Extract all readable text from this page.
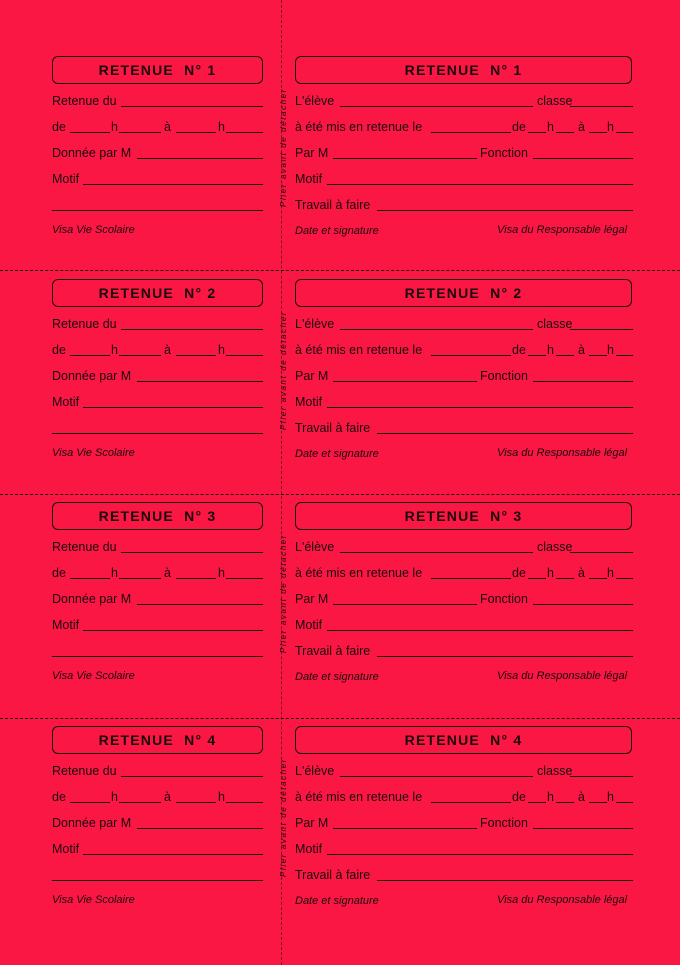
RETENUE  N° 1
Retenue du
de	h	à	h
Donnée par M
Motif
Visa Vie Scolaire
Plier avant de détacher
RETENUE  N° 1
L'élève	classe
à été mis en retenue le	de h à h
Par M	Fonction
Motif
Travail à faire
Date et signature	Visa du Responsable légal
RETENUE  N° 2
Retenue du
de	h	à	h
Donnée par M
Motif
Visa Vie Scolaire
Plier avant de détacher
RETENUE  N° 2
L'élève	classe
à été mis en retenue le	de h à h
Par M	Fonction
Motif
Travail à faire
Date et signature	Visa du Responsable légal
RETENUE  N° 3
Retenue du
de	h	à	h
Donnée par M
Motif
Visa Vie Scolaire
Plier avant de détacher
RETENUE  N° 3
L'élève	classe
à été mis en retenue le	de h à h
Par M	Fonction
Motif
Travail à faire
Date et signature	Visa du Responsable légal
RETENUE  N° 4
Retenue du
de	h	à	h
Donnée par M
Motif
Visa Vie Scolaire
Plier avant de détacher
RETENUE  N° 4
L'élève	classe
à été mis en retenue le	de h à h
Par M	Fonction
Motif
Travail à faire
Date et signature	Visa du Responsable légal
